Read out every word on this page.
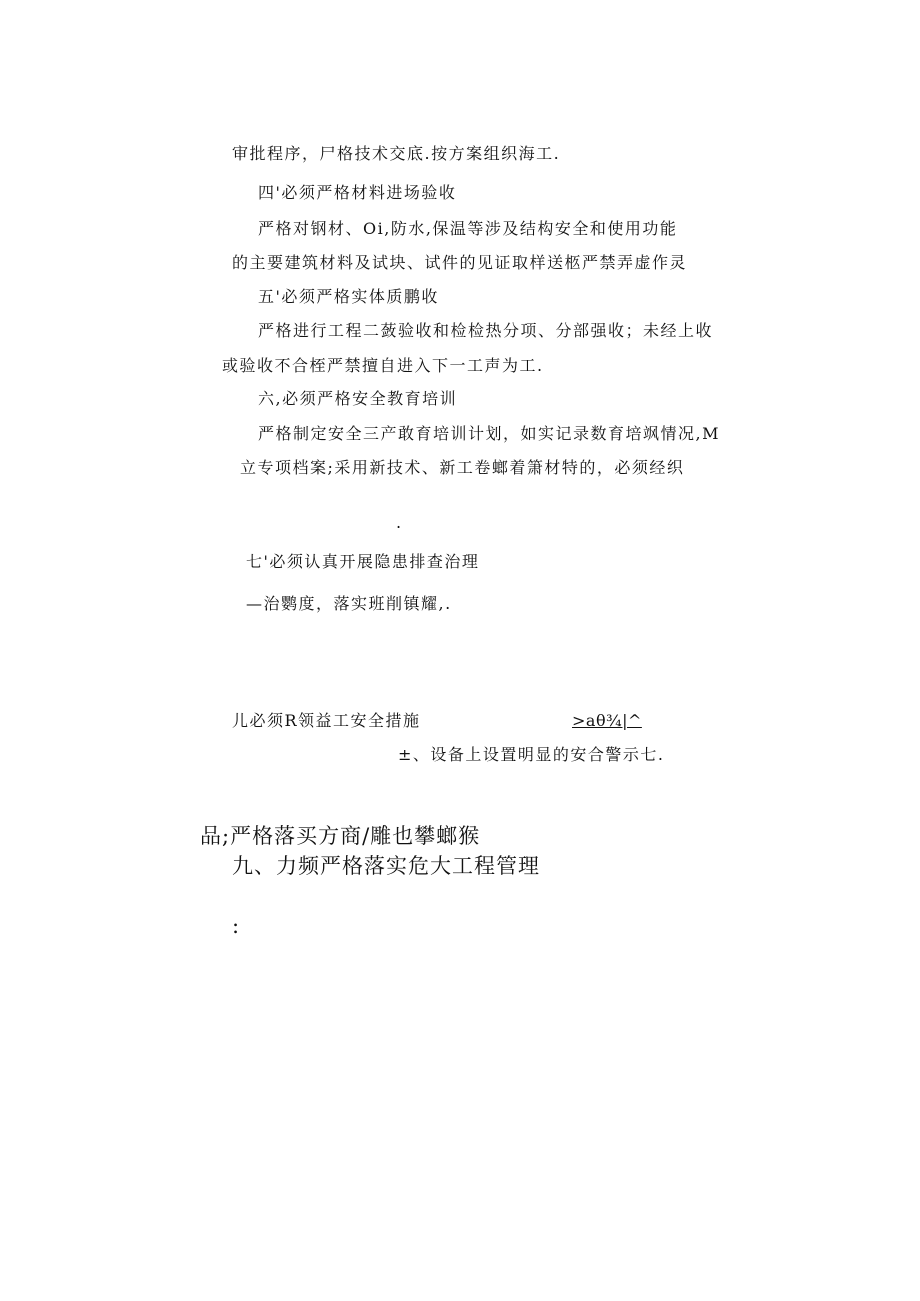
审批程序，尸格技术交底.按方案组织海工.
四'必须严格材料进场验收
严格对钢材、Oi,防水,保温等涉及结构安全和使用功能
的主要建筑材料及试块、试件的见证取样送柩严禁弄虚作灵
五'必须严格实体质鹏收
严格进行工程二蔹验收和检检热分项、分部强收；未经上收
或验收不合桎严禁擅自进入下一工声为工.
六,必须严格安全教育培训
严格制定安全三产敢育培训计划，如实记录数育培飒情况,M
立专项档案;采用新技术、新工卷螂着箫材特的，必须经织
.
七'必须认真开展隐患排查治理
—治鹦度，落实班削镇耀,.
儿必须R领益工安全措施	>aθ¾|^
±、设备上设置明显的安合警示七.
品;严格落买方商/雕也攀螂猴
九、力频严格落实危大工程管理
:
